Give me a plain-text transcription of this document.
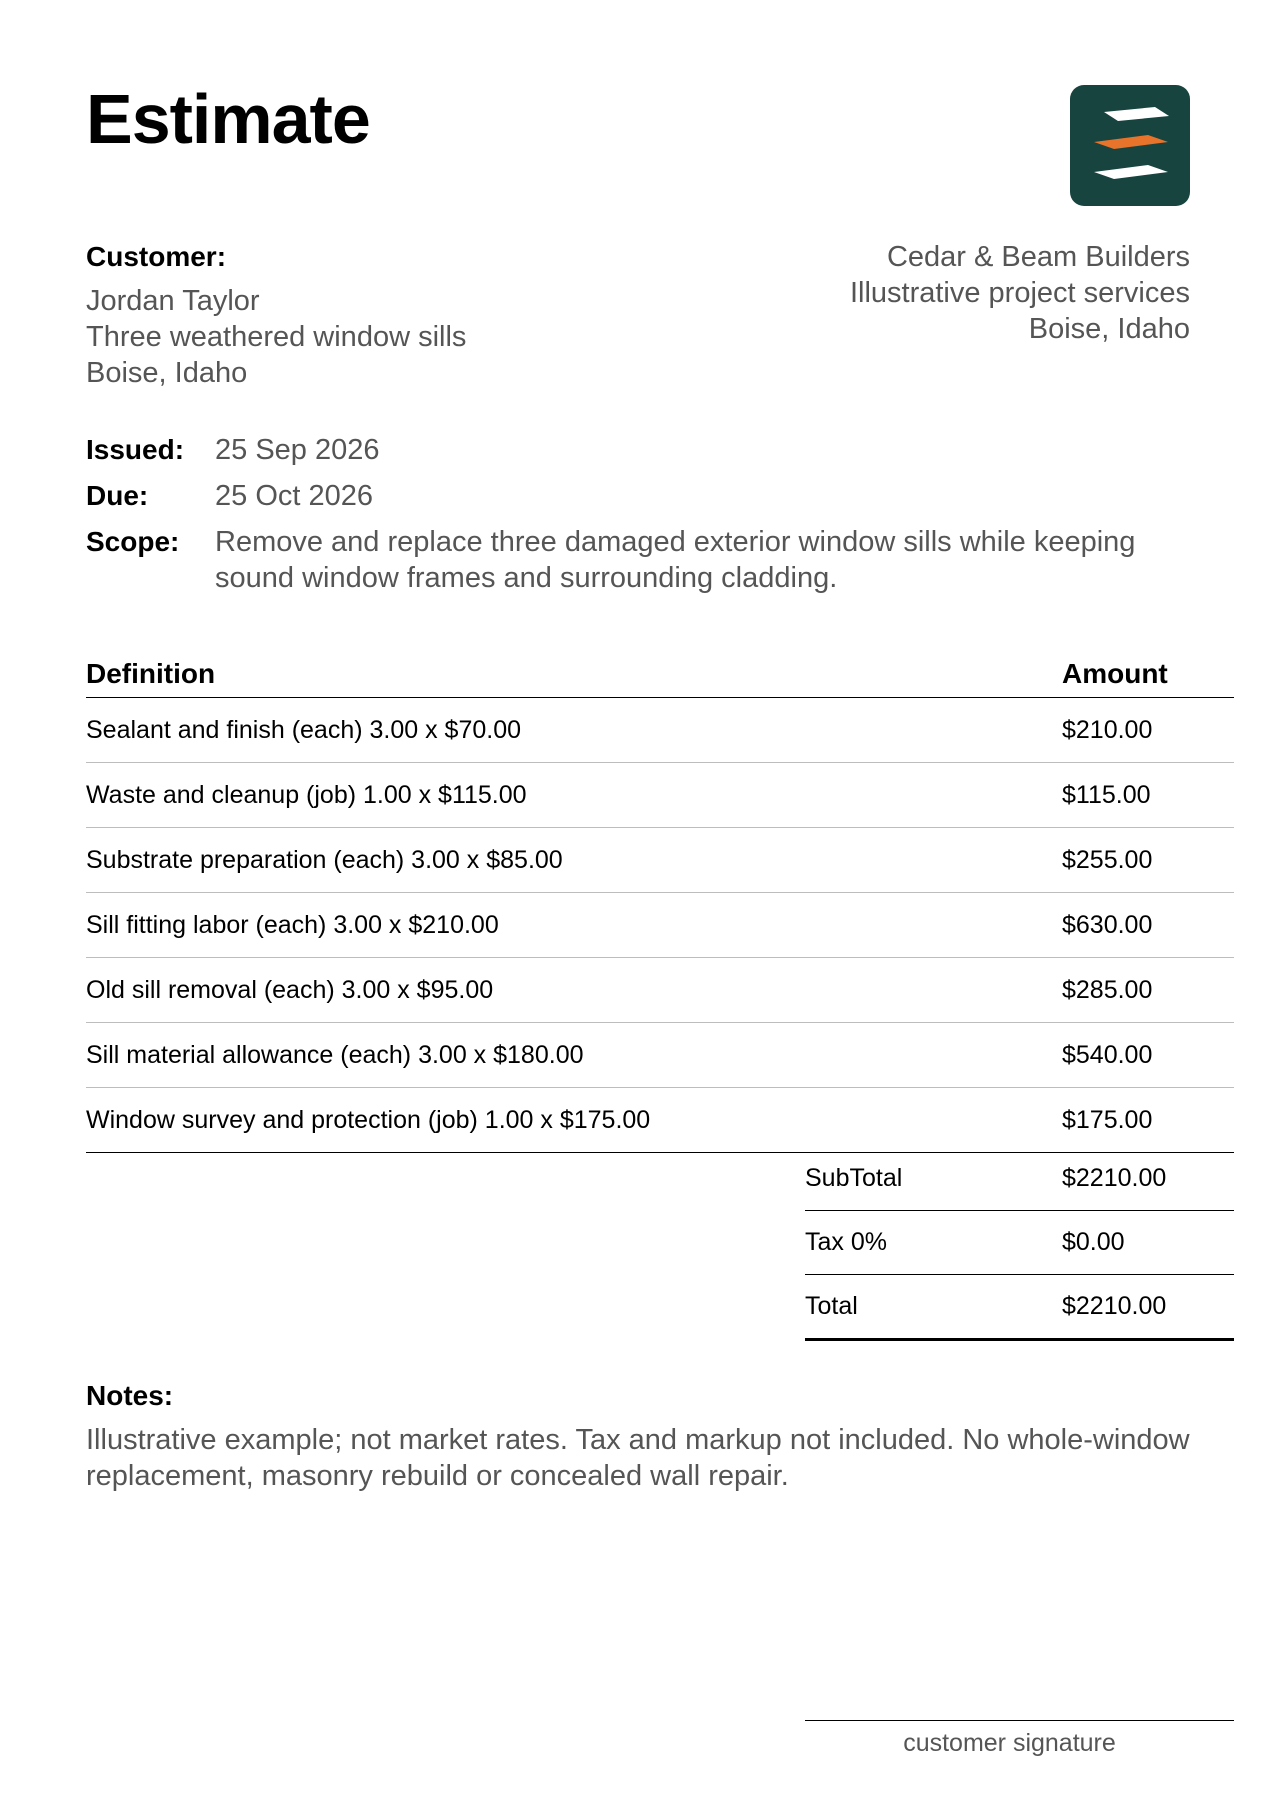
Estimate
Customer:
Jordan Taylor
Three weathered window sills
Boise, Idaho
Cedar & Beam Builders
Illustrative project services
Boise, Idaho
Issued:	25 Sep 2026
Due:	25 Oct 2026
Scope:	Remove and replace three damaged exterior window sills while keeping sound window frames and surrounding cladding.
Definition	Amount
Sealant and finish (each) 3.00 x $70.00	$210.00
Waste and cleanup (job) 1.00 x $115.00	$115.00
Substrate preparation (each) 3.00 x $85.00	$255.00
Sill fitting labor (each) 3.00 x $210.00	$630.00
Old sill removal (each) 3.00 x $95.00	$285.00
Sill material allowance (each) 3.00 x $180.00	$540.00
Window survey and protection (job) 1.00 x $175.00	$175.00
SubTotal	$2210.00
Tax 0%	$0.00
Total	$2210.00
Notes:
Illustrative example; not market rates. Tax and markup not included. No whole-window replacement, masonry rebuild or concealed wall repair.
customer signature
